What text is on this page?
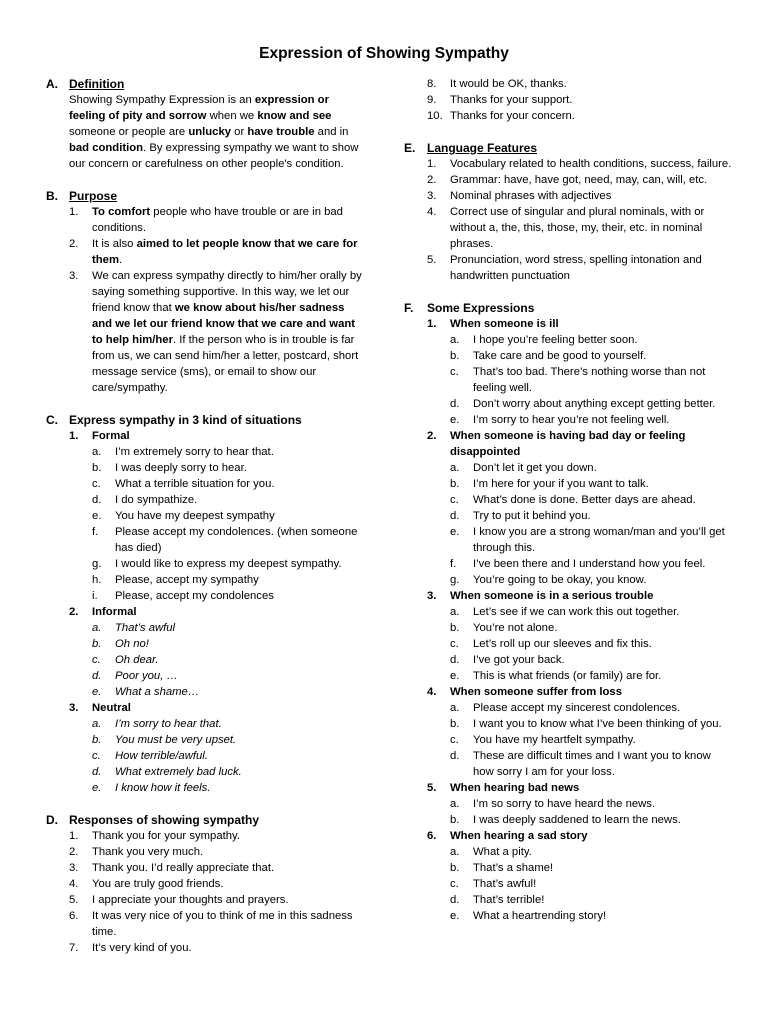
Expression of Showing Sympathy
A. Definition
Showing Sympathy Expression is an expression or feeling of pity and sorrow when we know and see someone or people are unlucky or have trouble and in bad condition. By expressing sympathy we want to show our concern or carefulness on other people's condition.
B. Purpose
1.	To comfort people who have trouble or are in bad conditions.
2.	It is also aimed to let people know that we care for them.
3.	We can express sympathy directly to him/her orally by saying something supportive. In this way, we let our friend know that we know about his/her sadness and we let our friend know that we care and want to help him/her. If the person who is in trouble is far from us, we can send him/her a letter, postcard, short message service (sms), or email to show our care/sympathy.
C. Express sympathy in 3 kind of situations
1.	Formal
a.	I’m extremely sorry to hear that.
b.	I was deeply sorry to hear.
c.	What a terrible situation for you.
d.	I do sympathize.
e.	You have my deepest sympathy
f.	Please accept my condolences. (when someone has died)
g.	I would like to express my deepest sympathy.
h.	Please, accept my sympathy
i.	Please, accept my condolences
2.	Informal
a.	That’s awful
b.	Oh no!
c.	Oh dear.
d.	Poor you, …
e.	What a shame…
3.	Neutral
a.	I’m sorry to hear that.
b.	You must be very upset.
c.	How terrible/awful.
d.	What extremely bad luck.
e.	I know how it feels.
D. Responses of showing sympathy
1.	Thank you for your sympathy.
2.	Thank you very much.
3.	Thank you. I’d really appreciate that.
4.	You are truly good friends.
5.	I appreciate your thoughts and prayers.
6.	It was very nice of you to think of me in this sadness time.
7.	It’s very kind of you.
8.	It would be OK, thanks.
9.	Thanks for your support.
10. Thanks for your concern.
E. Language Features
1.	Vocabulary related to health conditions, success, failure.
2.	Grammar: have, have got, need, may, can, will, etc.
3.	Nominal phrases with adjectives
4.	Correct use of singular and plural nominals, with or without a, the, this, those, my, their, etc. in nominal phrases.
5.	Pronunciation, word stress, spelling intonation and handwritten punctuation
F.	Some Expressions
1.	When someone is ill
a.	I hope you’re feeling better soon.
b.	Take care and be good to yourself.
c.	That’s too bad. There’s nothing worse than not feeling well.
d.	Don’t worry about anything except getting better.
e.	I’m sorry to hear you’re not feeling well.
2.	When someone is having bad day or feeling disappointed
a.	Don’t let it get you down.
b.	I’m here for your if you want to talk.
c.	What’s done is done. Better days are ahead.
d.	Try to put it behind you.
e.	I know you are a strong woman/man and you’ll get through this.
f.	I’ve been there and I understand how you feel.
g.	You’re going to be okay, you know.
3.	When someone is in a serious trouble
a.	Let’s see if we can work this out together.
b.	You’re not alone.
c.	Let’s roll up our sleeves and fix this.
d.	I’ve got your back.
e.	This is what friends (or family) are for.
4.	When someone suffer from loss
a.	Please accept my sincerest condolences.
b.	I want you to know what I’ve been thinking of you.
c.	You have my heartfelt sympathy.
d.	These are difficult times and I want you to know how sorry I am for your loss.
5.	When hearing bad news
a.	I’m so sorry to have heard the news.
b.	I was deeply saddened to learn the news.
6.	When hearing a sad story
a.	What a pity.
b.	That’s a shame!
c.	That’s awful!
d.	That’s terrible!
e.	What a heartrending story!
